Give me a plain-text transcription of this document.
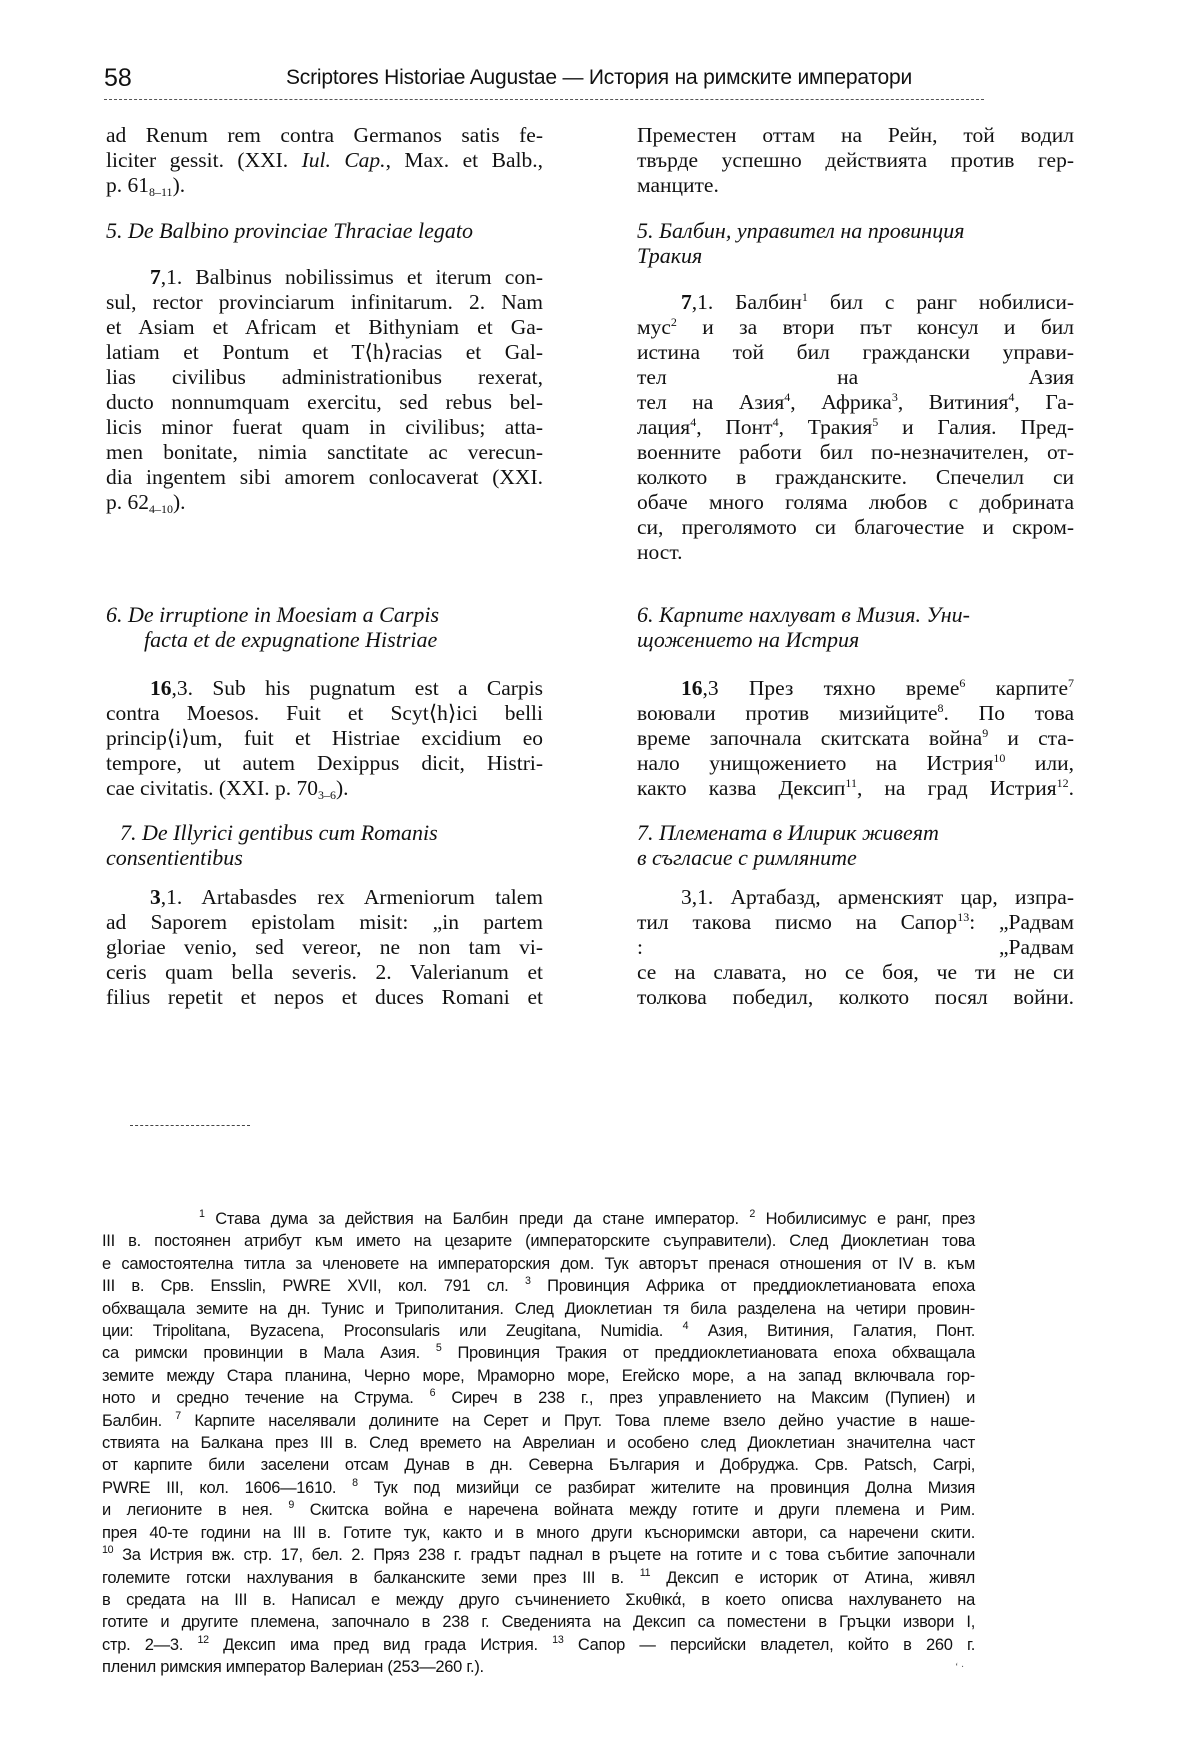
58	Scriptores Historiae Augustae — История на римските императори
ad Renum rem contra Germanos satis fe-
liciter gessit. (XXI. Iul. Cap., Max. et Balb.,
p. $61_{8-11}$).
5. De Balbino provinciae Thraciae legato
7,1. Balbinus nobilissimus et iterum con-
sul, rector provinciarum infinitarum. 2. Nam
et Asiam et Africam et Bithyniam et Ga-
latiam et Pontum et T⟨h⟩racias et Gal-
lias civilibus administrationibus rexerat,
ducto nonnumquam exercitu, sed rebus bel-
licis minor fuerat quam in civilibus; atta-
men bonitate, nimia sanctitate ac verecun-
dia ingentem sibi amorem conlocaverat (XXI.
p. $62_{4-10}$).
6. De irruptione in Moesiam a Carpis
facta et de expugnatione Histriae
16,3. Sub his pugnatum est a Carpis
contra Moesos. Fuit et Scyt⟨h⟩ici belli
princip⟨i⟩um, fuit et Histriae excidium eo
tempore, ut autem Dexippus dicit, Histri-
cae civitatis. (XXI. p. $70_{3-6}$).
7. De Illyrici gentibus cum Romanis
consentientibus
3,1. Artabasdes rex Armeniorum talem
ad Saporem epistolam misit: „in partem
gloriae venio, sed vereor, ne non tam vi-
ceris quam bella severis. 2. Valerianum et
filius repetit et nepos et duces Romani et
Преместен оттам на Рейн, той водил
твърде успешно действията против гер-
манците.
5. Балбин, управител на провинция
Тракия
7,1. Балбин$^1$ бил с ранг нобилиси-
мус$^2$ и за втори път консул и бил
истина той бил граждански управи-
тел на Азия
тел на Азия$^4$, Африка$^3$, Витиния$^4$, Га-
лация$^4$, Понт$^4$, Тракия$^5$ и Галия. Пред-
военните работи бил по-незначителен, от-
колкото в гражданските. Спечелил си
обаче много голяма любов с добрината
си, преголямото си благочестие и скром-
ност.
6. Карпите нахлуват в Мизия. Уни-
щожението на Истрия
16,3 През тяхно време$^6$ карпите$^7$
воювали против мизийците$^8$. По това
време започнала скитската война$^9$ и ста-
нало унищожението на Истрия$^{10}$ или,
както казва Дексип$^{11}$, на град Истрия$^{12}$.
7. Племената в Илирик живеят
в съгласие с римляните
3,1. Артабазд, арменският цар, изпра-
тил такова писмо на Сапор$^{13}$: „Радвам
: „Радвам
се на славата, но се боя, че ти не си
толкова победил, колкото посял войни.
$^1$ Става дума за действия на Балбин преди да стане император. $^2$ Нобилисимус е ранг, през
III в. постоянен атрибут към името на цезарите (императорските съуправители). След Диоклетиан това
е самостоятелна титла за членовете на императорския дом. Тук авторът пренася отношения от IV в. към
III в. Срв. Ensslin, PWRE XVII, кол. 791 сл. $^3$ Провинция Африка от преддиоклетиановата епоха
обхващала земите на дн. Тунис и Триполитания. След Диоклетиан тя била разделена на четири провин-
ции: Tripolitana, Byzacena, Proconsularis или Zeugitana, Numidia. $^4$ Азия, Витиния, Галатия, Понт.
са римски провинции в Мала Азия. $^5$ Провинция Тракия от преддиоклетиановата епоха обхващала
земите между Стара планина, Черно море, Мраморно море, Егейско море, а на запад включвала гор-
ното и средно течение на Струма. $^6$ Сиреч в 238 г., през управлението на Максим (Пупиен) и
Балбин. $^7$ Карпите населявали долините на Серет и Прут. Това племе взело дейно участие в наше-
ствията на Балкана през III в. След времето на Аврелиан и особено след Диоклетиан значителна част
от карпите били заселени отсам Дунав в дн. Северна България и Добруджа. Срв. Patsch, Carpi,
PWRE III, кол. 1606—1610. $^8$ Тук под мизийци се разбират жителите на провинция Долна Мизия
и легионите в нея. $^9$ Скитска война е наречена войната между готите и други племена и Рим.
прея 40-те години на III в. Готите тук, както и в много други късноримски автори, са наречени скити.
$^{10}$ За Истрия вж. стр. 17, бел. 2. Пряз 238 г. градът паднал в ръцете на готите и с това събитие започнали
големите готски нахлувания в балканските земи през III в. $^{11}$ Дексип е историк от Атина, живял
в средата на III в. Написал е между друго съчинението Σκυθικά, в което описва нахлуването на
готите и другите племена, започнало в 238 г. Сведенията на Дексип са поместени в Гръцки извори I,
стр. 2—3. $^{12}$ Дексип има пред вид града Истрия. $^{13}$ Сапор — персийски владетел, който в 260 г.
пленил римския император Валериан (253—260 г.).	ʻ ·
